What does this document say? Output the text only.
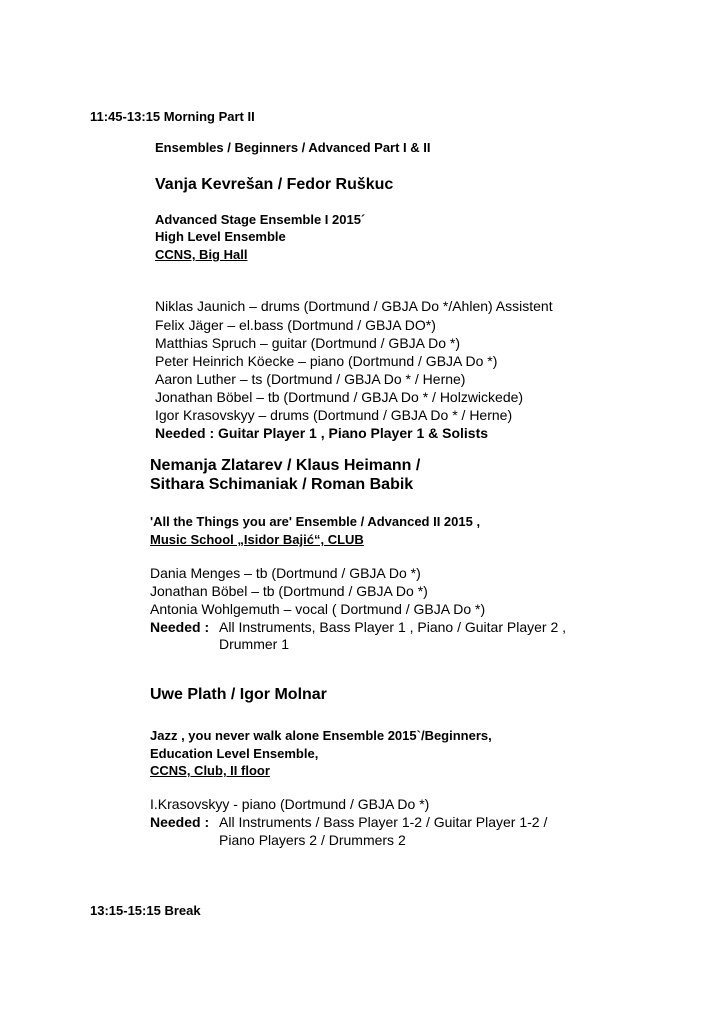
11:45-13:15 Morning Part II
Ensembles / Beginners / Advanced Part I & II
Vanja Kevrešan / Fedor Ruškuc
Advanced Stage Ensemble I 2015´
High Level Ensemble
CCNS, Big Hall
Niklas Jaunich – drums (Dortmund / GBJA Do */Ahlen) Assistent
Felix Jäger – el.bass (Dortmund / GBJA DO*)
Matthias Spruch – guitar (Dortmund / GBJA Do *)
Peter Heinrich Köecke – piano (Dortmund / GBJA Do *)
Aaron Luther – ts (Dortmund / GBJA Do * / Herne)
Jonathan Böbel – tb (Dortmund / GBJA Do * / Holzwickede)
Igor Krasovskyy – drums (Dortmund / GBJA Do * / Herne)
Needed : Guitar Player 1 , Piano Player 1 & Solists
Nemanja Zlatarev / Klaus Heimann /
Sithara Schimaniak / Roman Babik
'All the Things you are' Ensemble / Advanced II 2015 ,
Music School „Isidor Bajić“, CLUB
Dania Menges – tb (Dortmund / GBJA Do *)
Jonathan Böbel – tb (Dortmund / GBJA Do *)
Antonia Wohlgemuth – vocal ( Dortmund / GBJA Do *)
Needed : All Instruments, Bass Player 1 , Piano / Guitar Player 2 ,
Drummer 1
Uwe Plath / Igor Molnar
Jazz , you never walk alone Ensemble 2015`/Beginners,
Education Level Ensemble,
CCNS, Club, II floor
I.Krasovskyy - piano (Dortmund / GBJA Do *)
Needed : All Instruments / Bass Player 1-2 / Guitar Player 1-2 /
Piano Players 2 / Drummers 2
13:15-15:15 Break
